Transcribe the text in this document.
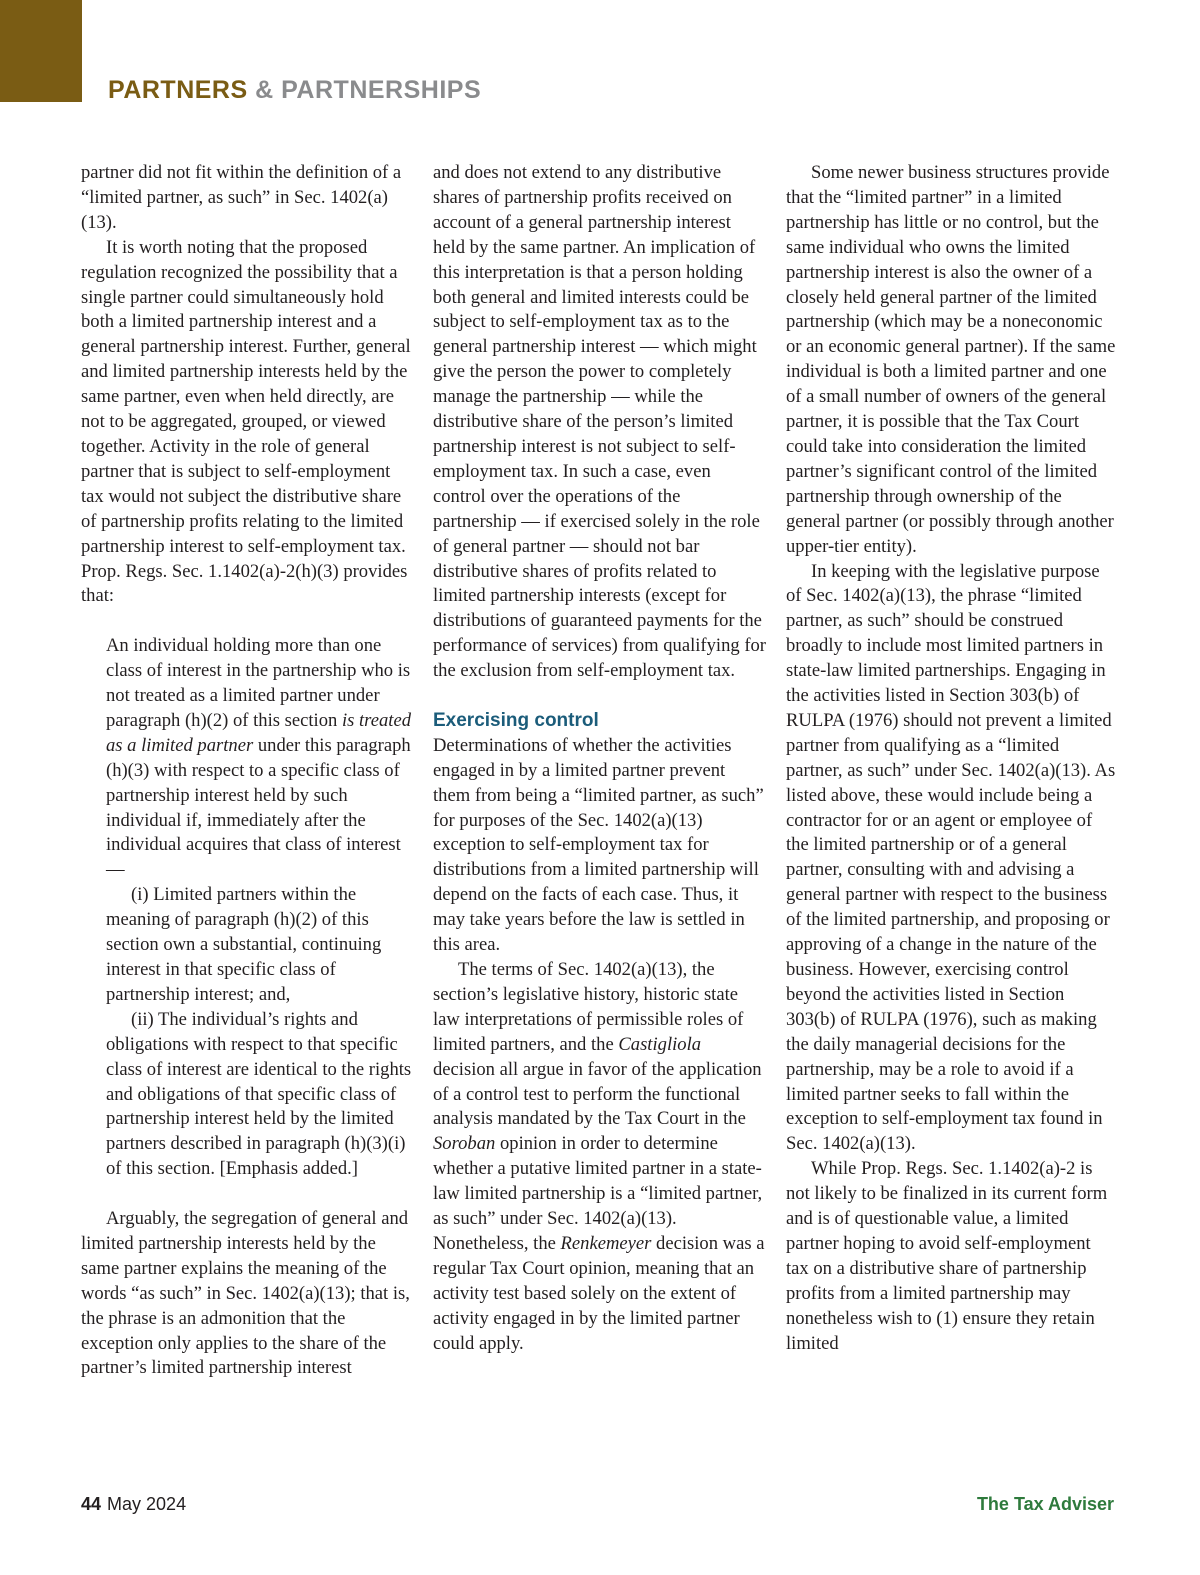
PARTNERS & PARTNERSHIPS

partner did not fit within the definition of a “limited partner, as such” in Sec. 1402(a)(13).

It is worth noting that the proposed regulation recognized the possibility that a single partner could simultaneously hold both a limited partnership interest and a general partnership interest. Further, general and limited partnership interests held by the same partner, even when held directly, are not to be aggregated, grouped, or viewed together. Activity in the role of general partner that is subject to self-employment tax would not subject the distributive share of partnership profits relating to the limited partnership interest to self-employment tax. Prop. Regs. Sec. 1.1402(a)-2(h)(3) provides that:

An individual holding more than one class of interest in the partnership who is not treated as a limited partner under paragraph (h)(2) of this section is treated as a limited partner under this paragraph (h)(3) with respect to a specific class of partnership interest held by such individual if, immediately after the individual acquires that class of interest —

(i) Limited partners within the meaning of paragraph (h)(2) of this section own a substantial, continuing interest in that specific class of partnership interest; and,

(ii) The individual’s rights and obligations with respect to that specific class of interest are identical to the rights and obligations of that specific class of partnership interest held by the limited partners described in paragraph (h)(3)(i) of this section. [Emphasis added.]

Arguably, the segregation of general and limited partnership interests held by the same partner explains the meaning of the words “as such” in Sec. 1402(a)(13); that is, the phrase is an admonition that the exception only applies to the share of the partner’s limited partnership interest

and does not extend to any distributive shares of partnership profits received on account of a general partnership interest held by the same partner. An implication of this interpretation is that a person holding both general and limited interests could be subject to self-employment tax as to the general partnership interest — which might give the person the power to completely manage the partnership — while the distributive share of the person’s limited partnership interest is not subject to self-employment tax. In such a case, even control over the operations of the partnership — if exercised solely in the role of general partner — should not bar distributive shares of profits related to limited partnership interests (except for distributions of guaranteed payments for the performance of services) from qualifying for the exclusion from self-employment tax.

Exercising control

Determinations of whether the activities engaged in by a limited partner prevent them from being a “limited partner, as such” for purposes of the Sec. 1402(a)(13) exception to self-employment tax for distributions from a limited partnership will depend on the facts of each case. Thus, it may take years before the law is settled in this area.

The terms of Sec. 1402(a)(13), the section’s legislative history, historic state law interpretations of permissible roles of limited partners, and the Castigliola decision all argue in favor of the application of a control test to perform the functional analysis mandated by the Tax Court in the Soroban opinion in order to determine whether a putative limited partner in a state-law limited partnership is a “limited partner, as such” under Sec. 1402(a)(13). Nonetheless, the Renkemeyer decision was a regular Tax Court opinion, meaning that an activity test based solely on the extent of activity engaged in by the limited partner could apply.

Some newer business structures provide that the “limited partner” in a limited partnership has little or no control, but the same individual who owns the limited partnership interest is also the owner of a closely held general partner of the limited partnership (which may be a noneconomic or an economic general partner). If the same individual is both a limited partner and one of a small number of owners of the general partner, it is possible that the Tax Court could take into consideration the limited partner’s significant control of the limited partnership through ownership of the general partner (or possibly through another upper-tier entity).

In keeping with the legislative purpose of Sec. 1402(a)(13), the phrase “limited partner, as such” should be construed broadly to include most limited partners in state-law limited partnerships. Engaging in the activities listed in Section 303(b) of RULPA (1976) should not prevent a limited partner from qualifying as a “limited partner, as such” under Sec. 1402(a)(13). As listed above, these would include being a contractor for or an agent or employee of the limited partnership or of a general partner, consulting with and advising a general partner with respect to the business of the limited partnership, and proposing or approving of a change in the nature of the business. However, exercising control beyond the activities listed in Section 303(b) of RULPA (1976), such as making the daily managerial decisions for the partnership, may be a role to avoid if a limited partner seeks to fall within the exception to self-employment tax found in Sec. 1402(a)(13).

While Prop. Regs. Sec. 1.1402(a)-2 is not likely to be finalized in its current form and is of questionable value, a limited partner hoping to avoid self-employment tax on a distributive share of partnership profits from a limited partnership may nonetheless wish to (1) ensure they retain limited

44 May 2024	The Tax Adviser
